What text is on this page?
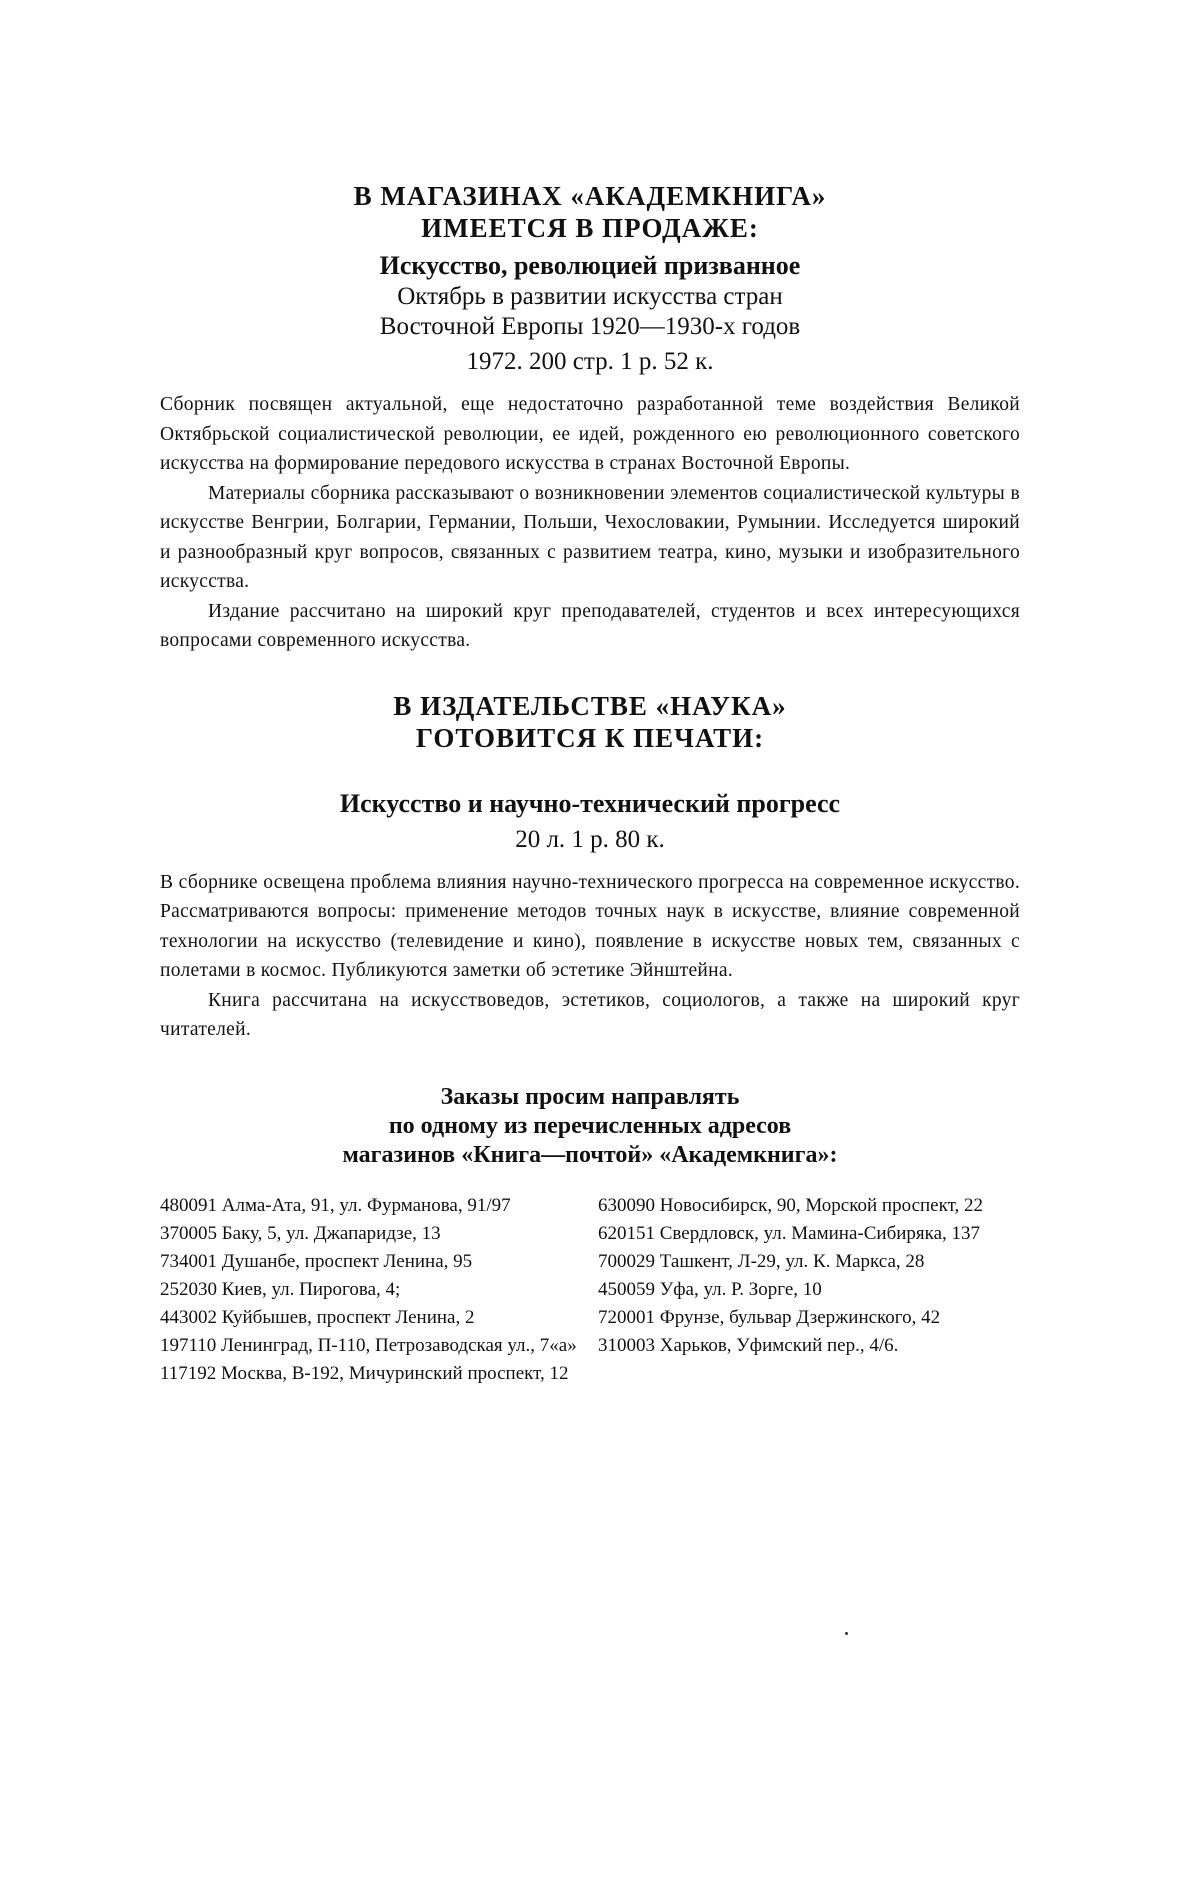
В МАГАЗИНАХ «АКАДЕМКНИГА»
ИМЕЕТСЯ В ПРОДАЖЕ:
Искусство, революцией призванное
Октябрь в развитии искусства стран
Восточной Европы 1920—1930-х годов
1972. 200 стр. 1 р. 52 к.

Сборник посвящен актуальной, еще недостаточно разработанной теме воздействия Великой Октябрьской социалистической революции, ее идей, рожденного ею революционного советского искусства на формирование передового искусства в странах Восточной Европы.

Материалы сборника рассказывают о возникновении элементов социалистической культуры в искусстве Венгрии, Болгарии, Германии, Польши, Чехословакии, Румынии. Исследуется широкий и разнообразный круг вопросов, связанных с развитием театра, кино, музыки и изобразительного искусства.

Издание рассчитано на широкий круг преподавателей, студентов и всех интересующихся вопросами современного искусства.

В ИЗДАТЕЛЬСТВЕ «НАУКА»
ГОТОВИТСЯ К ПЕЧАТИ:
Искусство и научно-технический прогресс
20 л. 1 р. 80 к.

В сборнике освещена проблема влияния научно-технического прогресса на современное искусство. Рассматриваются вопросы: применение методов точных наук в искусстве, влияние современной технологии на искусство (телевидение и кино), появление в искусстве новых тем, связанных с полетами в космос. Публикуются заметки об эстетике Эйнштейна.

Книга рассчитана на искусствоведов, эстетиков, социологов, а также на широкий круг читателей.

Заказы просим направлять
по одному из перечисленных адресов
магазинов «Книга—почтой» «Академкнига»:
480091 Алма-Ата, 91, ул. Фурманова, 91/97
370005 Баку, 5, ул. Джапаридзе, 13
734001 Душанбе, проспект Ленина, 95
252030 Киев, ул. Пирогова, 4;
443002 Куйбышев, проспект Ленина, 2
197110 Ленинград, П-110, Петрозаводская ул., 7«а»
117192 Москва, В-192, Мичуринский проспект, 12
630090 Новосибирск, 90, Морской проспект, 22
620151 Свердловск, ул. Мамина-Сибиряка, 137
700029 Ташкент, Л-29, ул. К. Маркса, 28
450059 Уфа, ул. Р. Зорге, 10
720001 Фрунзе, бульвар Дзержинского, 42
310003 Харьков, Уфимский пер., 4/6.
